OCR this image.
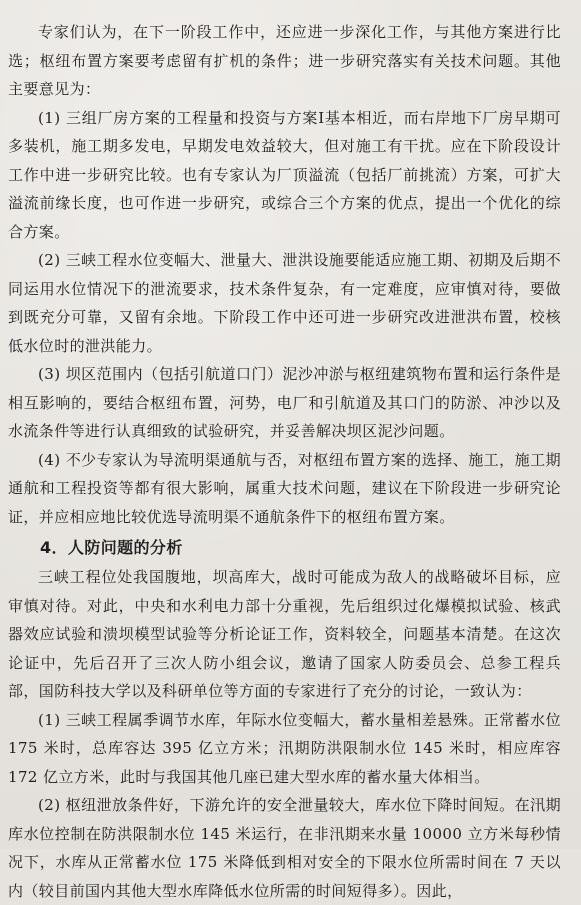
专家们认为，在下一阶段工作中，还应进一步深化工作，与其他方案进行比选；枢纽布置方案要考虑留有扩机的条件；进一步研究落实有关技术问题。其他主要意见为：

(1) 三组厂房方案的工程量和投资与方案Ⅰ基本相近，而右岸地下厂房早期可多装机，施工期多发电，早期发电效益较大，但对施工有干扰。应在下阶段设计工作中进一步研究比较。也有专家认为厂顶溢流（包括厂前挑流）方案，可扩大溢流前缘长度，也可作进一步研究，或综合三个方案的优点，提出一个优化的综合方案。

(2) 三峡工程水位变幅大、泄量大、泄洪设施要能适应施工期、初期及后期不同运用水位情况下的泄流要求，技术条件复杂，有一定难度，应审慎对待，要做到既充分可靠，又留有余地。下阶段工作中还可进一步研究改进泄洪布置，校核低水位时的泄洪能力。

(3) 坝区范围内（包括引航道口门）泥沙冲淤与枢纽建筑物布置和运行条件是相互影响的，要结合枢纽布置，河势，电厂和引航道及其口门的防淤、冲沙以及水流条件等进行认真细致的试验研究，并妥善解决坝区泥沙问题。

(4) 不少专家认为导流明渠通航与否，对枢纽布置方案的选择、施工，施工期通航和工程投资等都有很大影响，属重大技术问题，建议在下阶段进一步研究论证，并应相应地比较优选导流明渠不通航条件下的枢纽布置方案。

4．人防问题的分析

三峡工程位处我国腹地，坝高库大，战时可能成为敌人的战略破坏目标，应审慎对待。对此，中央和水利电力部十分重视，先后组织过化爆模拟试验、核武器效应试验和溃坝模型试验等分析论证工作，资料较全，问题基本清楚。在这次论证中，先后召开了三次人防小组会议，邀请了国家人防委员会、总参工程兵部，国防科技大学以及科研单位等方面的专家进行了充分的讨论，一致认为：

(1) 三峡工程属季调节水库，年际水位变幅大，蓄水量相差悬殊。正常蓄水位 175 米时，总库容达 395 亿立方米；汛期防洪限制水位 145 米时，相应库容 172 亿立方米，此时与我国其他几座已建大型水库的蓄水量大体相当。

(2) 枢纽泄放条件好，下游允许的安全泄量较大，库水位下降时间短。在汛期库水位控制在防洪限制水位 145 米运行，在非汛期来水量 10000 立方米每秒情况下，水库从正常蓄水位 175 米降低到相对安全的下限水位所需时间在 7 天以内（较目前国内其他大型水库降低水位所需的时间短得多）。因此，
